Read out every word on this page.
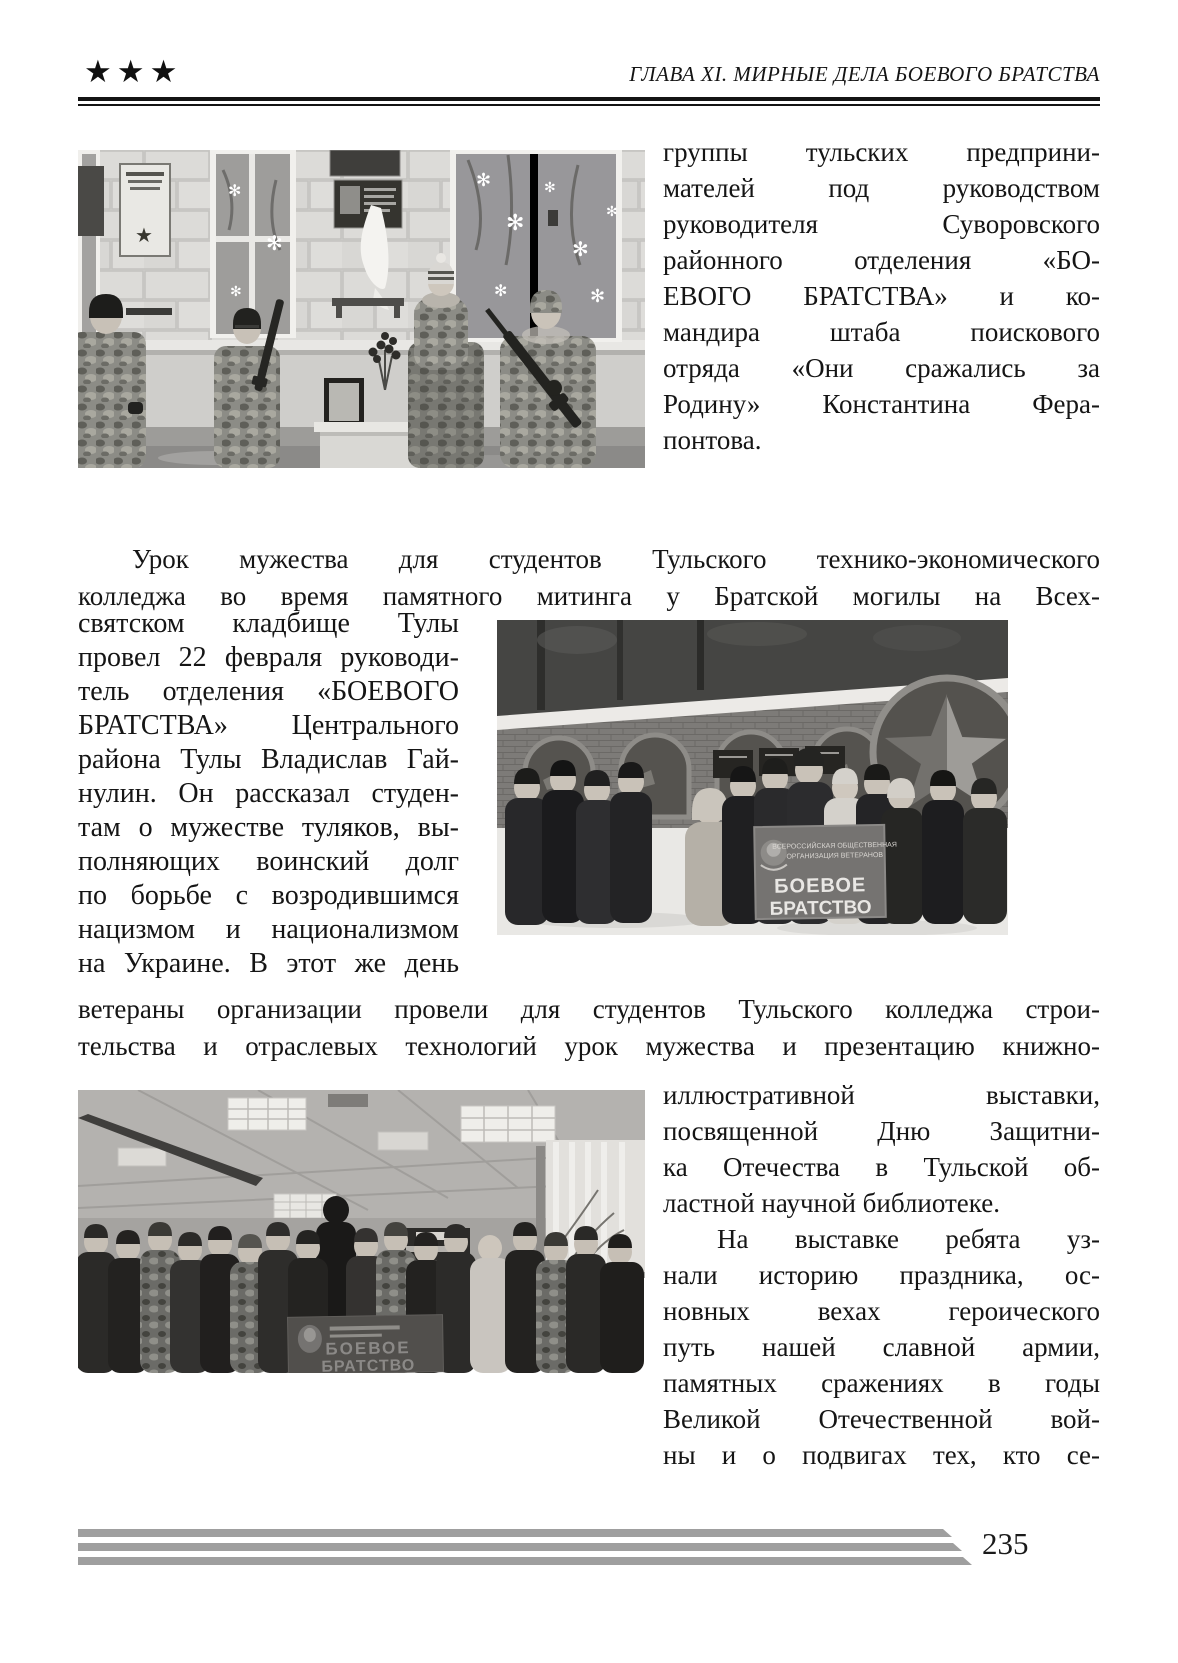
★★★	ГЛАВА XI. МИРНЫЕ ДЕЛА БОЕВОГО БРАТСТВА
✻
✻
✻
✻
✻
✻
✻
✻	✻
✻
★
ВСЕРОССИЙСКАЯ ОБЩЕСТВЕННАЯ
ОРГАНИЗАЦИЯ ВЕТЕРАНОВ
БОЕВОЕ
БРАТСТВО
БОЕВОЕ
БРАТСТВО
группы тульских предприни-
мателей под руководством
руководителя Суворовского
районного отделения «БО-
ЕВОГО БРАТСТВА» и ко-
мандира штаба поискового
отряда «Они сражались за
Родину» Константина Фера-
понтова.
Урок мужества для студентов Тульского технико-экономического
колледжа во время памятного митинга у Братской могилы на Всех-
святском кладбище Тулы
провел 22 февраля руководи-
тель отделения «БОЕВОГО
БРАТСТВА» Центрального
района Тулы Владислав Гай-
нулин. Он рассказал студен-
там о мужестве туляков, вы-
полняющих воинский долг
по борьбе с возродившимся
нацизмом и национализмом
на Украине. В этот же день
ветераны организации провели для студентов Тульского колледжа строи-
тельства и отраслевых технологий урок мужества и презентацию книжно-
иллюстративной выставки,
посвященной Дню Защитни-
ка Отечества в Тульской об-
ластной научной библиотеке.
На выставке ребята уз-
нали историю праздника, ос-
новных вехах героического
путь нашей славной армии,
памятных сражениях в годы
Великой Отечественной вой-
ны и о подвигах тех, кто се-
235
